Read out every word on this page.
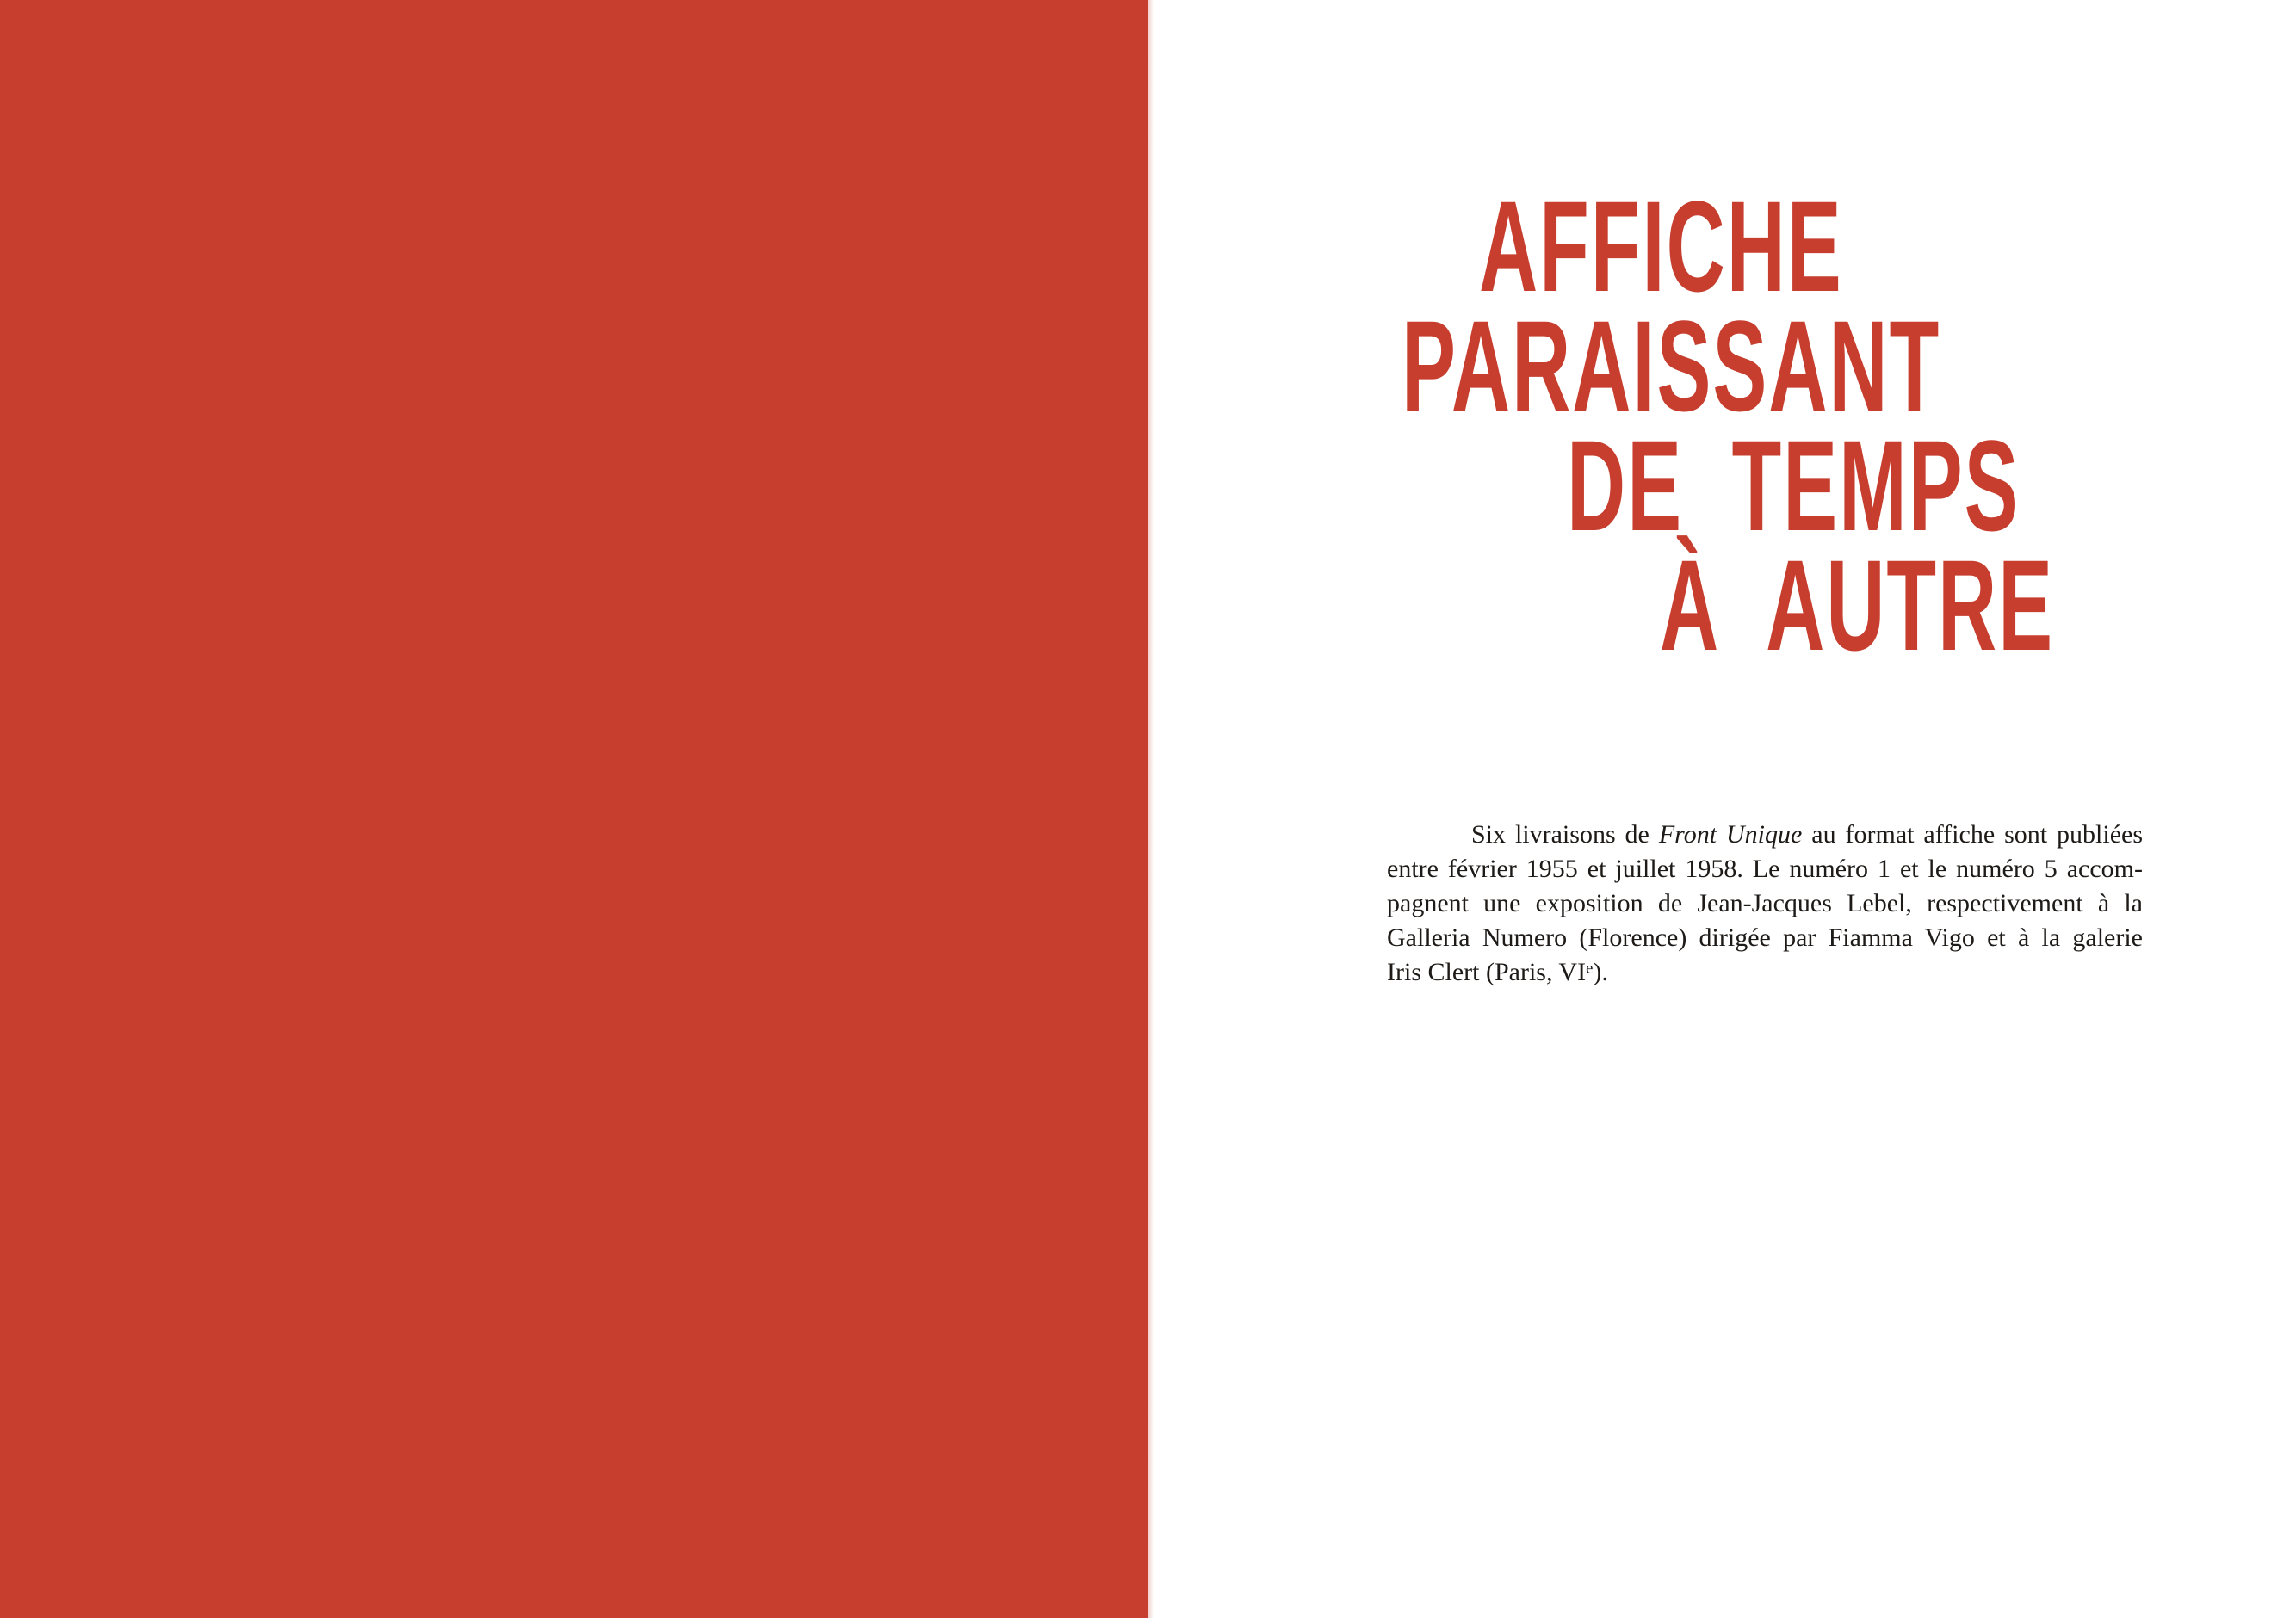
AFFICHE
PARAISSANT
DE TEMPS
À AUTRE
Six livraisons de Front Unique au format affiche sont publiées
entre février 1955 et juillet 1958. Le numéro 1 et le numéro 5 accom-
pagnent une exposition de Jean-Jacques Lebel, respectivement à la
Galleria Numero (Florence) dirigée par Fiamma Vigo et à la galerie
Iris Clert (Paris, VIe).
